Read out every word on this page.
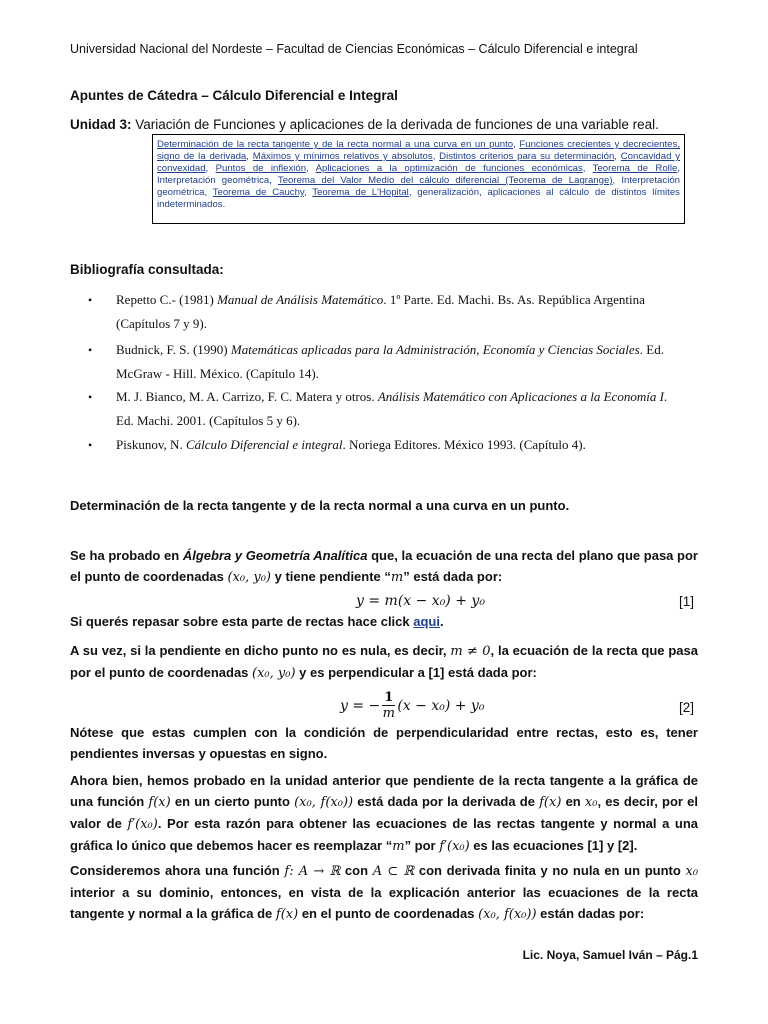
Universidad Nacional del Nordeste – Facultad de Ciencias Económicas – Cálculo Diferencial e integral
Apuntes de Cátedra – Cálculo Diferencial e Integral
Unidad 3: Variación de Funciones y aplicaciones de la derivada de funciones de una variable real.
Determinación de la recta tangente y de la recta normal a una curva en un punto, Funciones crecientes y decrecientes, signo de la derivada, Máximos y mínimos relativos y absolutos, Distintos criterios para su determinación, Concavidad y convexidad, Puntos de inflexión, Aplicaciones a la optimización de funciones económicas, Teorema de Rolle, Interpretación geométrica, Teorema del Valor Medio del cálculo diferencial (Teorema de Lagrange), Interpretación geométrica, Teorema de Cauchy, Teorema de L'Hopital, generalización, aplicaciones al cálculo de distintos límites indeterminados.
Bibliografía consultada:
• Repetto C.- (1981) Manual de Análisis Matemático. 1º Parte. Ed. Machi. Bs. As. República Argentina (Capítulos 7 y 9).
• Budnick, F. S. (1990) Matemáticas aplicadas para la Administración, Economía y Ciencias Sociales. Ed. McGraw - Hill. México. (Capítulo 14).
• M. J. Bianco, M. A. Carrizo, F. C. Matera y otros. Análisis Matemático con Aplicaciones a la Economía I. Ed. Machi. 2001. (Capítulos 5 y 6).
• Piskunov, N. Cálculo Diferencial e integral. Noriega Editores. México 1993. (Capítulo 4).
Determinación de la recta tangente y de la recta normal a una curva en un punto.
Se ha probado en Álgebra y Geometría Analítica que, la ecuación de una recta del plano que pasa por el punto de coordenadas (x₀, y₀) y tiene pendiente “m” está dada por:
y = m(x − x₀) + y₀	[1]
Si querés repasar sobre esta parte de rectas hace click aqui.
A su vez, si la pendiente en dicho punto no es nula, es decir, m ≠ 0, la ecuación de la recta que pasa por el punto de coordenadas (x₀, y₀) y es perpendicular a [1] está dada por:
y = − $\frac{1}{m} (x - x_0) + y_0$	[2]
Nótese que estas cumplen con la condición de perpendicularidad entre rectas, esto es, tener pendientes inversas y opuestas en signo.
Ahora bien, hemos probado en la unidad anterior que pendiente de la recta tangente a la gráfica de una función f(x) en un cierto punto (x₀, f(x₀)) está dada por la derivada de f(x) en x₀, es decir, por el valor de f′(x₀). Por esta razón para obtener las ecuaciones de las rectas tangente y normal a una gráfica lo único que debemos hacer es reemplazar “m” por f′(x₀) es las ecuaciones [1] y [2].
Consideremos ahora una función f: A → ℝ con A ⊂ ℝ con derivada finita y no nula en un punto x₀ interior a su dominio, entonces, en vista de la explicación anterior las ecuaciones de la recta tangente y normal a la gráfica de f(x) en el punto de coordenadas (x₀, f(x₀)) están dadas por:
Lic. Noya, Samuel Iván – Pág.1
